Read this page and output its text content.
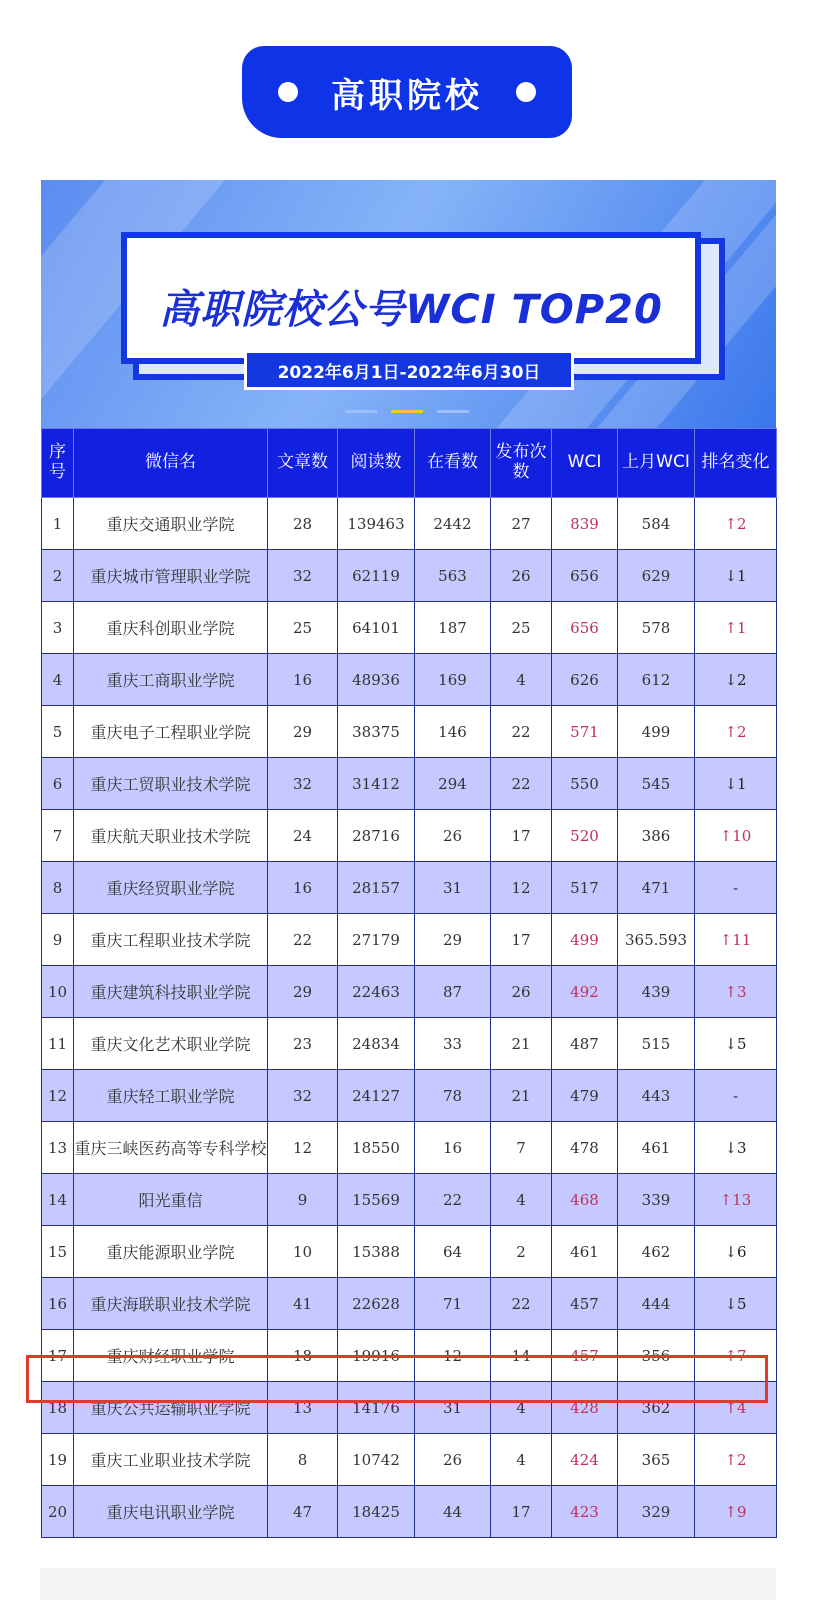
高职院校
高职院校公号WCI TOP20
2022年6月1日-2022年6月30日
序号	微信名	文章数	阅读数	在看数	发布次数	WCI	上月WCI	排名变化
1	重庆交通职业学院	28	139463	2442	27	839	584	↑2
2	重庆城市管理职业学院	32	62119	563	26	656	629	↓1
3	重庆科创职业学院	25	64101	187	25	656	578	↑1
4	重庆工商职业学院	16	48936	169	4	626	612	↓2
5	重庆电子工程职业学院	29	38375	146	22	571	499	↑2
6	重庆工贸职业技术学院	32	31412	294	22	550	545	↓1
7	重庆航天职业技术学院	24	28716	26	17	520	386	↑10
8	重庆经贸职业学院	16	28157	31	12	517	471	-
9	重庆工程职业技术学院	22	27179	29	17	499	365.593	↑11
10	重庆建筑科技职业学院	29	22463	87	26	492	439	↑3
11	重庆文化艺术职业学院	23	24834	33	21	487	515	↓5
12	重庆轻工职业学院	32	24127	78	21	479	443	-
13	重庆三峡医药高等专科学校	12	18550	16	7	478	461	↓3
14	阳光重信	9	15569	22	4	468	339	↑13
15	重庆能源职业学院	10	15388	64	2	461	462	↓6
16	重庆海联职业技术学院	41	22628	71	22	457	444	↓5
17	重庆财经职业学院	18	19916	12	14	457	356	↑7
18	重庆公共运输职业学院	13	14176	31	4	428	362	↑4
19	重庆工业职业技术学院	8	10742	26	4	424	365	↑2
20	重庆电讯职业学院	47	18425	44	17	423	329	↑9
